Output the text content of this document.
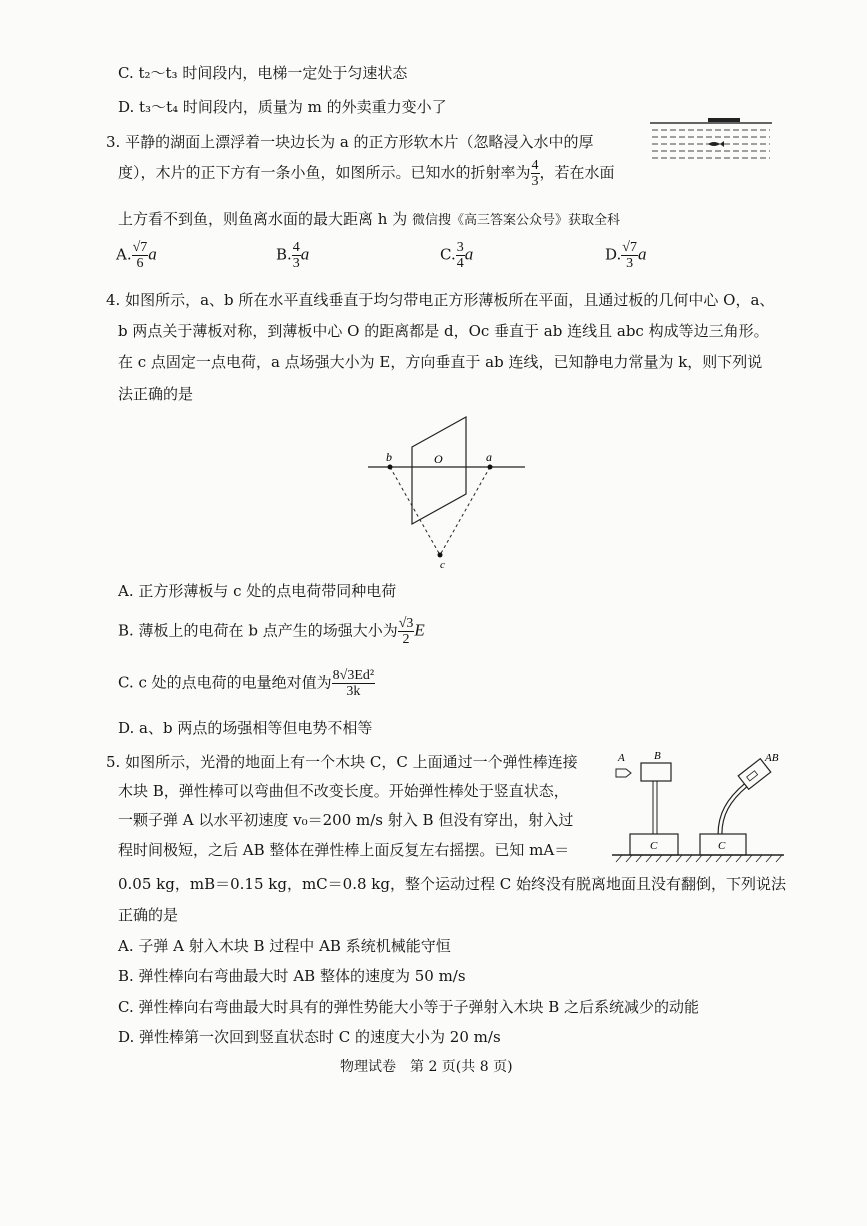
C. t₂～t₃ 时间段内，电梯一定处于匀速状态
D. t₃～t₄ 时间段内，质量为 m 的外卖重力变小了
3. 平静的湖面上漂浮着一块边长为 a 的正方形软木片（忽略浸入水中的厚
度），木片的正下方有一条小鱼，如图所示。已知水的折射率为 $\frac{4}{3}$ ，若在水面
上方看不到鱼，则鱼离水面的最大距离 h 为 微信搜《高三答案公众号》获取全科
A. $\frac{√7}{6}$ a	B. $\frac{4}{3}$ a	C. $\frac{3}{4}$ a	D. $\frac{√7}{3}$ a
4. 如图所示，a、b 所在水平直线垂直于均匀带电正方形薄板所在平面，且通过板的几何中心 O，a、
b 两点关于薄板对称，到薄板中心 O 的距离都是 d，Oc 垂直于 ab 连线且 abc 构成等边三角形。
在 c 点固定一点电荷，a 点场强大小为 E，方向垂直于 ab 连线，已知静电力常量为 k，则下列说
法正确的是
b	O	a
c
A. 正方形薄板与 c 处的点电荷带同种电荷
B. 薄板上的电荷在 b 点产生的场强大小为 $\frac{√3}{2}$ E
C. c 处的点电荷的电量绝对值为 $\frac{\text{8√3Ed²}}{3k}$
D. a、b 两点的场强相等但电势不相等
5. 如图所示，光滑的地面上有一个木块 C，C 上面通过一个弹性棒连接
木块 B，弹性棒可以弯曲但不改变长度。开始弹性棒处于竖直状态，
一颗子弹 A 以水平初速度 v₀＝200 m/s 射入 B 但没有穿出，射入过
程时间极短，之后 AB 整体在弹性棒上面反复左右摇摆。已知 mA＝
0.05 kg，mB＝0.15 kg，mC＝0.8 kg，整个运动过程 C 始终没有脱离地面且没有翻倒，下列说法
正确的是
A	B
C
AB
C
A. 子弹 A 射入木块 B 过程中 AB 系统机械能守恒
B. 弹性棒向右弯曲最大时 AB 整体的速度为 50 m/s
C. 弹性棒向右弯曲最大时具有的弹性势能大小等于子弹射入木块 B 之后系统减少的动能
D. 弹性棒第一次回到竖直状态时 C 的速度大小为 20 m/s
物理试卷　第 2 页(共 8 页)
